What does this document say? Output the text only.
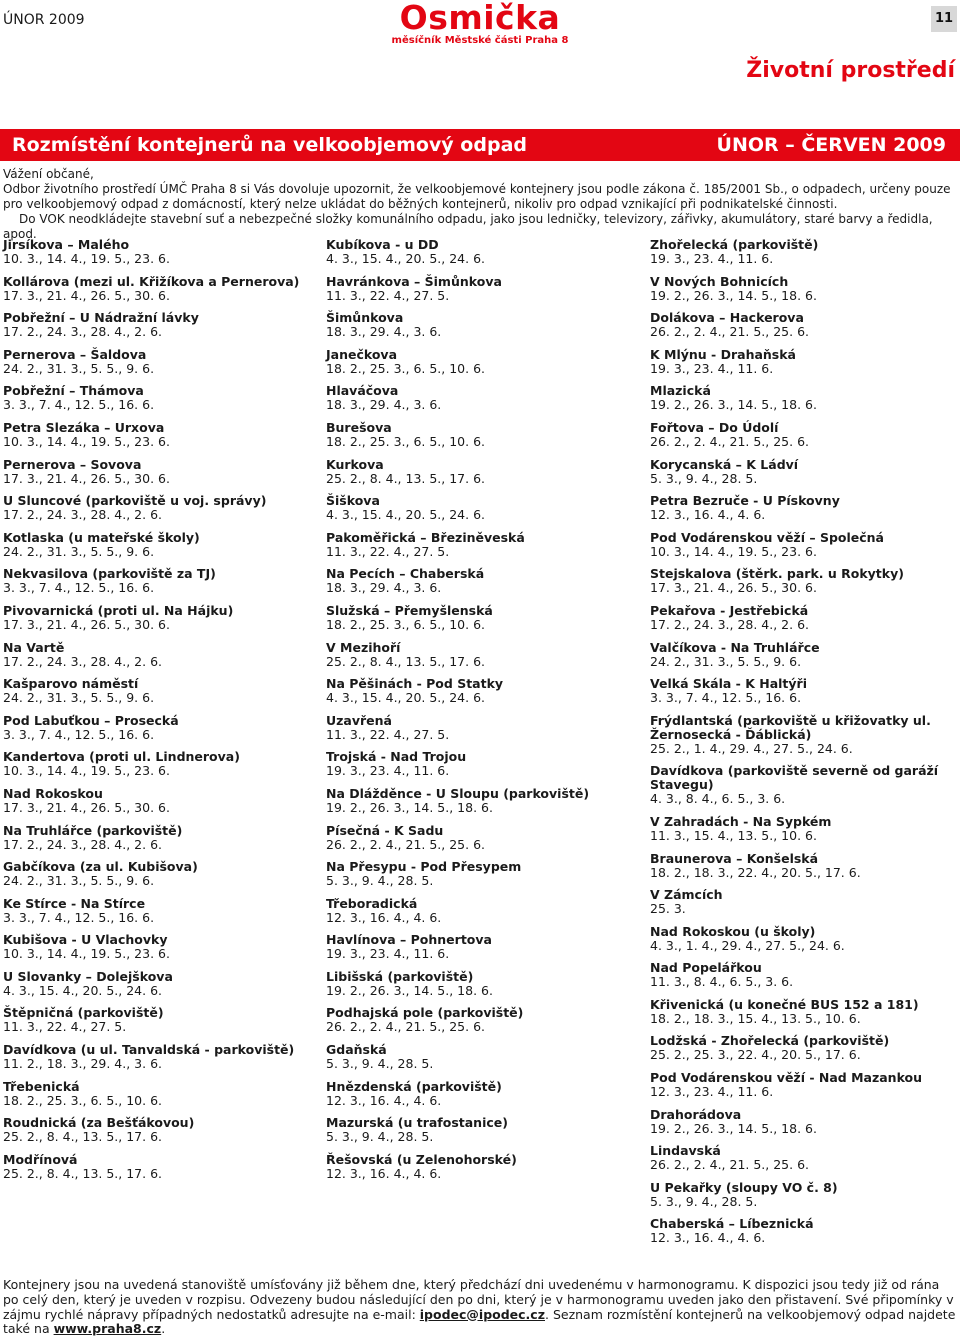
ÚNOR 2009	Osmička
měsíčník Městské části Praha 8
11
Životní prostředí
Rozmístění kontejnerů na velkoobjemový odpad	ÚNOR – ČERVEN 2009

Vážení občané,

Odbor životního prostředí ÚMČ Praha 8 si Vás dovoluje upozornit, že velkoobjemové kontejnery jsou podle zákona č. 185/2001 Sb., o odpadech, určeny pouze pro velkoobjemový odpad z domácností, který nelze ukládat do běžných kontejnerů, nikoliv pro odpad vznikající při podnikatelské činnosti.

Do VOK neodkládejte stavební suť a nebezpečné složky komunálního odpadu, jako jsou ledničky, televizory, zářivky, akumulátory, staré barvy a ředidla, apod.

Jirsíkova – Malého
10. 3., 14. 4., 19. 5., 23. 6.
Kollárova (mezi ul. Křižíkova a Pernerova)
17. 3., 21. 4., 26. 5., 30. 6.
Pobřežní – U Nádražní lávky
17. 2., 24. 3., 28. 4., 2. 6.
Pernerova – Šaldova
24. 2., 31. 3., 5. 5., 9. 6.
Pobřežní – Thámova
3. 3., 7. 4., 12. 5., 16. 6.
Petra Slezáka – Urxova
10. 3., 14. 4., 19. 5., 23. 6.
Pernerova – Sovova
17. 3., 21. 4., 26. 5., 30. 6.
U Sluncové (parkoviště u voj. správy)
17. 2., 24. 3., 28. 4., 2. 6.
Kotlaska (u mateřské školy)
24. 2., 31. 3., 5. 5., 9. 6.
Nekvasilova (parkoviště za TJ)
3. 3., 7. 4., 12. 5., 16. 6.
Pivovarnická (proti ul. Na Hájku)
17. 3., 21. 4., 26. 5., 30. 6.
Na Vartě
17. 2., 24. 3., 28. 4., 2. 6.
Kašparovo náměstí
24. 2., 31. 3., 5. 5., 9. 6.
Pod Labuťkou – Prosecká
3. 3., 7. 4., 12. 5., 16. 6.
Kandertova (proti ul. Lindnerova)
10. 3., 14. 4., 19. 5., 23. 6.
Nad Rokoskou
17. 3., 21. 4., 26. 5., 30. 6.
Na Truhlářce (parkoviště)
17. 2., 24. 3., 28. 4., 2. 6.
Gabčíkova (za ul. Kubišova)
24. 2., 31. 3., 5. 5., 9. 6.
Ke Stírce - Na Stírce
3. 3., 7. 4., 12. 5., 16. 6.
Kubišova - U Vlachovky
10. 3., 14. 4., 19. 5., 23. 6.
U Slovanky – Dolejškova
4. 3., 15. 4., 20. 5., 24. 6.
Štěpničná (parkoviště)
11. 3., 22. 4., 27. 5.
Davídkova (u ul. Tanvaldská - parkoviště)
11. 2., 18. 3., 29. 4., 3. 6.
Třebenická
18. 2., 25. 3., 6. 5., 10. 6.
Roudnická (za Bešťákovou)
25. 2., 8. 4., 13. 5., 17. 6.
Modřínová
25. 2., 8. 4., 13. 5., 17. 6.
Kubíkova - u DD
4. 3., 15. 4., 20. 5., 24. 6.
Havránkova – Šimůnkova
11. 3., 22. 4., 27. 5.
Šimůnkova
18. 3., 29. 4., 3. 6.
Janečkova
18. 2., 25. 3., 6. 5., 10. 6.
Hlaváčova
18. 3., 29. 4., 3. 6.
Burešova
18. 2., 25. 3., 6. 5., 10. 6.
Kurkova
25. 2., 8. 4., 13. 5., 17. 6.
Šiškova
4. 3., 15. 4., 20. 5., 24. 6.
Pakoměřická – Březiněveská
11. 3., 22. 4., 27. 5.
Na Pecích – Chaberská
18. 3., 29. 4., 3. 6.
Služská – Přemyšlenská
18. 2., 25. 3., 6. 5., 10. 6.
V Mezihoří
25. 2., 8. 4., 13. 5., 17. 6.
Na Pěšinách - Pod Statky
4. 3., 15. 4., 20. 5., 24. 6.
Uzavřená
11. 3., 22. 4., 27. 5.
Trojská - Nad Trojou
19. 3., 23. 4., 11. 6.
Na Dlážděnce - U Sloupu (parkoviště)
19. 2., 26. 3., 14. 5., 18. 6.
Písečná - K Sadu
26. 2., 2. 4., 21. 5., 25. 6.
Na Přesypu - Pod Přesypem
5. 3., 9. 4., 28. 5.
Třeboradická
12. 3., 16. 4., 4. 6.
Havlínova – Pohnertova
19. 3., 23. 4., 11. 6.
Libišská (parkoviště)
19. 2., 26. 3., 14. 5., 18. 6.
Podhajská pole (parkoviště)
26. 2., 2. 4., 21. 5., 25. 6.
Gdaňská
5. 3., 9. 4., 28. 5.
Hnězdenská (parkoviště)
12. 3., 16. 4., 4. 6.
Mazurská (u trafostanice)
5. 3., 9. 4., 28. 5.
Řešovská (u Zelenohorské)
12. 3., 16. 4., 4. 6.
Zhořelecká (parkoviště)
19. 3., 23. 4., 11. 6.
V Nových Bohnicích
19. 2., 26. 3., 14. 5., 18. 6.
Dolákova – Hackerova
26. 2., 2. 4., 21. 5., 25. 6.
K Mlýnu - Drahaňská
19. 3., 23. 4., 11. 6.
Mlazická
19. 2., 26. 3., 14. 5., 18. 6.
Fořtova – Do Údolí
26. 2., 2. 4., 21. 5., 25. 6.
Korycanská – K Ládví
5. 3., 9. 4., 28. 5.
Petra Bezruče - U Pískovny
12. 3., 16. 4., 4. 6.
Pod Vodárenskou věží – Společná
10. 3., 14. 4., 19. 5., 23. 6.
Stejskalova (štěrk. park. u Rokytky)
17. 3., 21. 4., 26. 5., 30. 6.
Pekařova - Jestřebická
17. 2., 24. 3., 28. 4., 2. 6.
Valčíkova - Na Truhlářce
24. 2., 31. 3., 5. 5., 9. 6.
Velká Skála - K Haltýři
3. 3., 7. 4., 12. 5., 16. 6.
Frýdlantská (parkoviště u křižovatky ul. Žernosecká - Ďáblická)
25. 2., 1. 4., 29. 4., 27. 5., 24. 6.
Davídkova (parkoviště severně od garáží Stavegu)
4. 3., 8. 4., 6. 5., 3. 6.
V Zahradách - Na Sypkém
11. 3., 15. 4., 13. 5., 10. 6.
Braunerova – Konšelská
18. 2., 18. 3., 22. 4., 20. 5., 17. 6.
V Zámcích
25. 3.
Nad Rokoskou (u školy)
4. 3., 1. 4., 29. 4., 27. 5., 24. 6.
Nad Popelářkou
11. 3., 8. 4., 6. 5., 3. 6.
Křivenická (u konečné BUS 152 a 181)
18. 2., 18. 3., 15. 4., 13. 5., 10. 6.
Lodžská - Zhořelecká (parkoviště)
25. 2., 25. 3., 22. 4., 20. 5., 17. 6.
Pod Vodárenskou věží - Nad Mazankou
12. 3., 23. 4., 11. 6.
Drahorádova
19. 2., 26. 3., 14. 5., 18. 6.
Lindavská
26. 2., 2. 4., 21. 5., 25. 6.
U Pekařky (sloupy VO č. 8)
5. 3., 9. 4., 28. 5.
Chaberská – Líbeznická
12. 3., 16. 4., 4. 6.
Kontejnery jsou na uvedená stanoviště umísťovány již během dne, který předchází dni uvedenému v harmonogramu. K dispozici jsou tedy již od rána po celý den, který je uveden v rozpisu. Odvezeny budou následující den po dni, který je v harmonogramu uveden jako den přistavení. Své připomínky v zájmu rychlé nápravy případných nedostatků adresujte na e-mail: ipodec@ipodec.cz. Seznam rozmístění kontejnerů na velkoobjemový odpad najdete také na www.praha8.cz.
